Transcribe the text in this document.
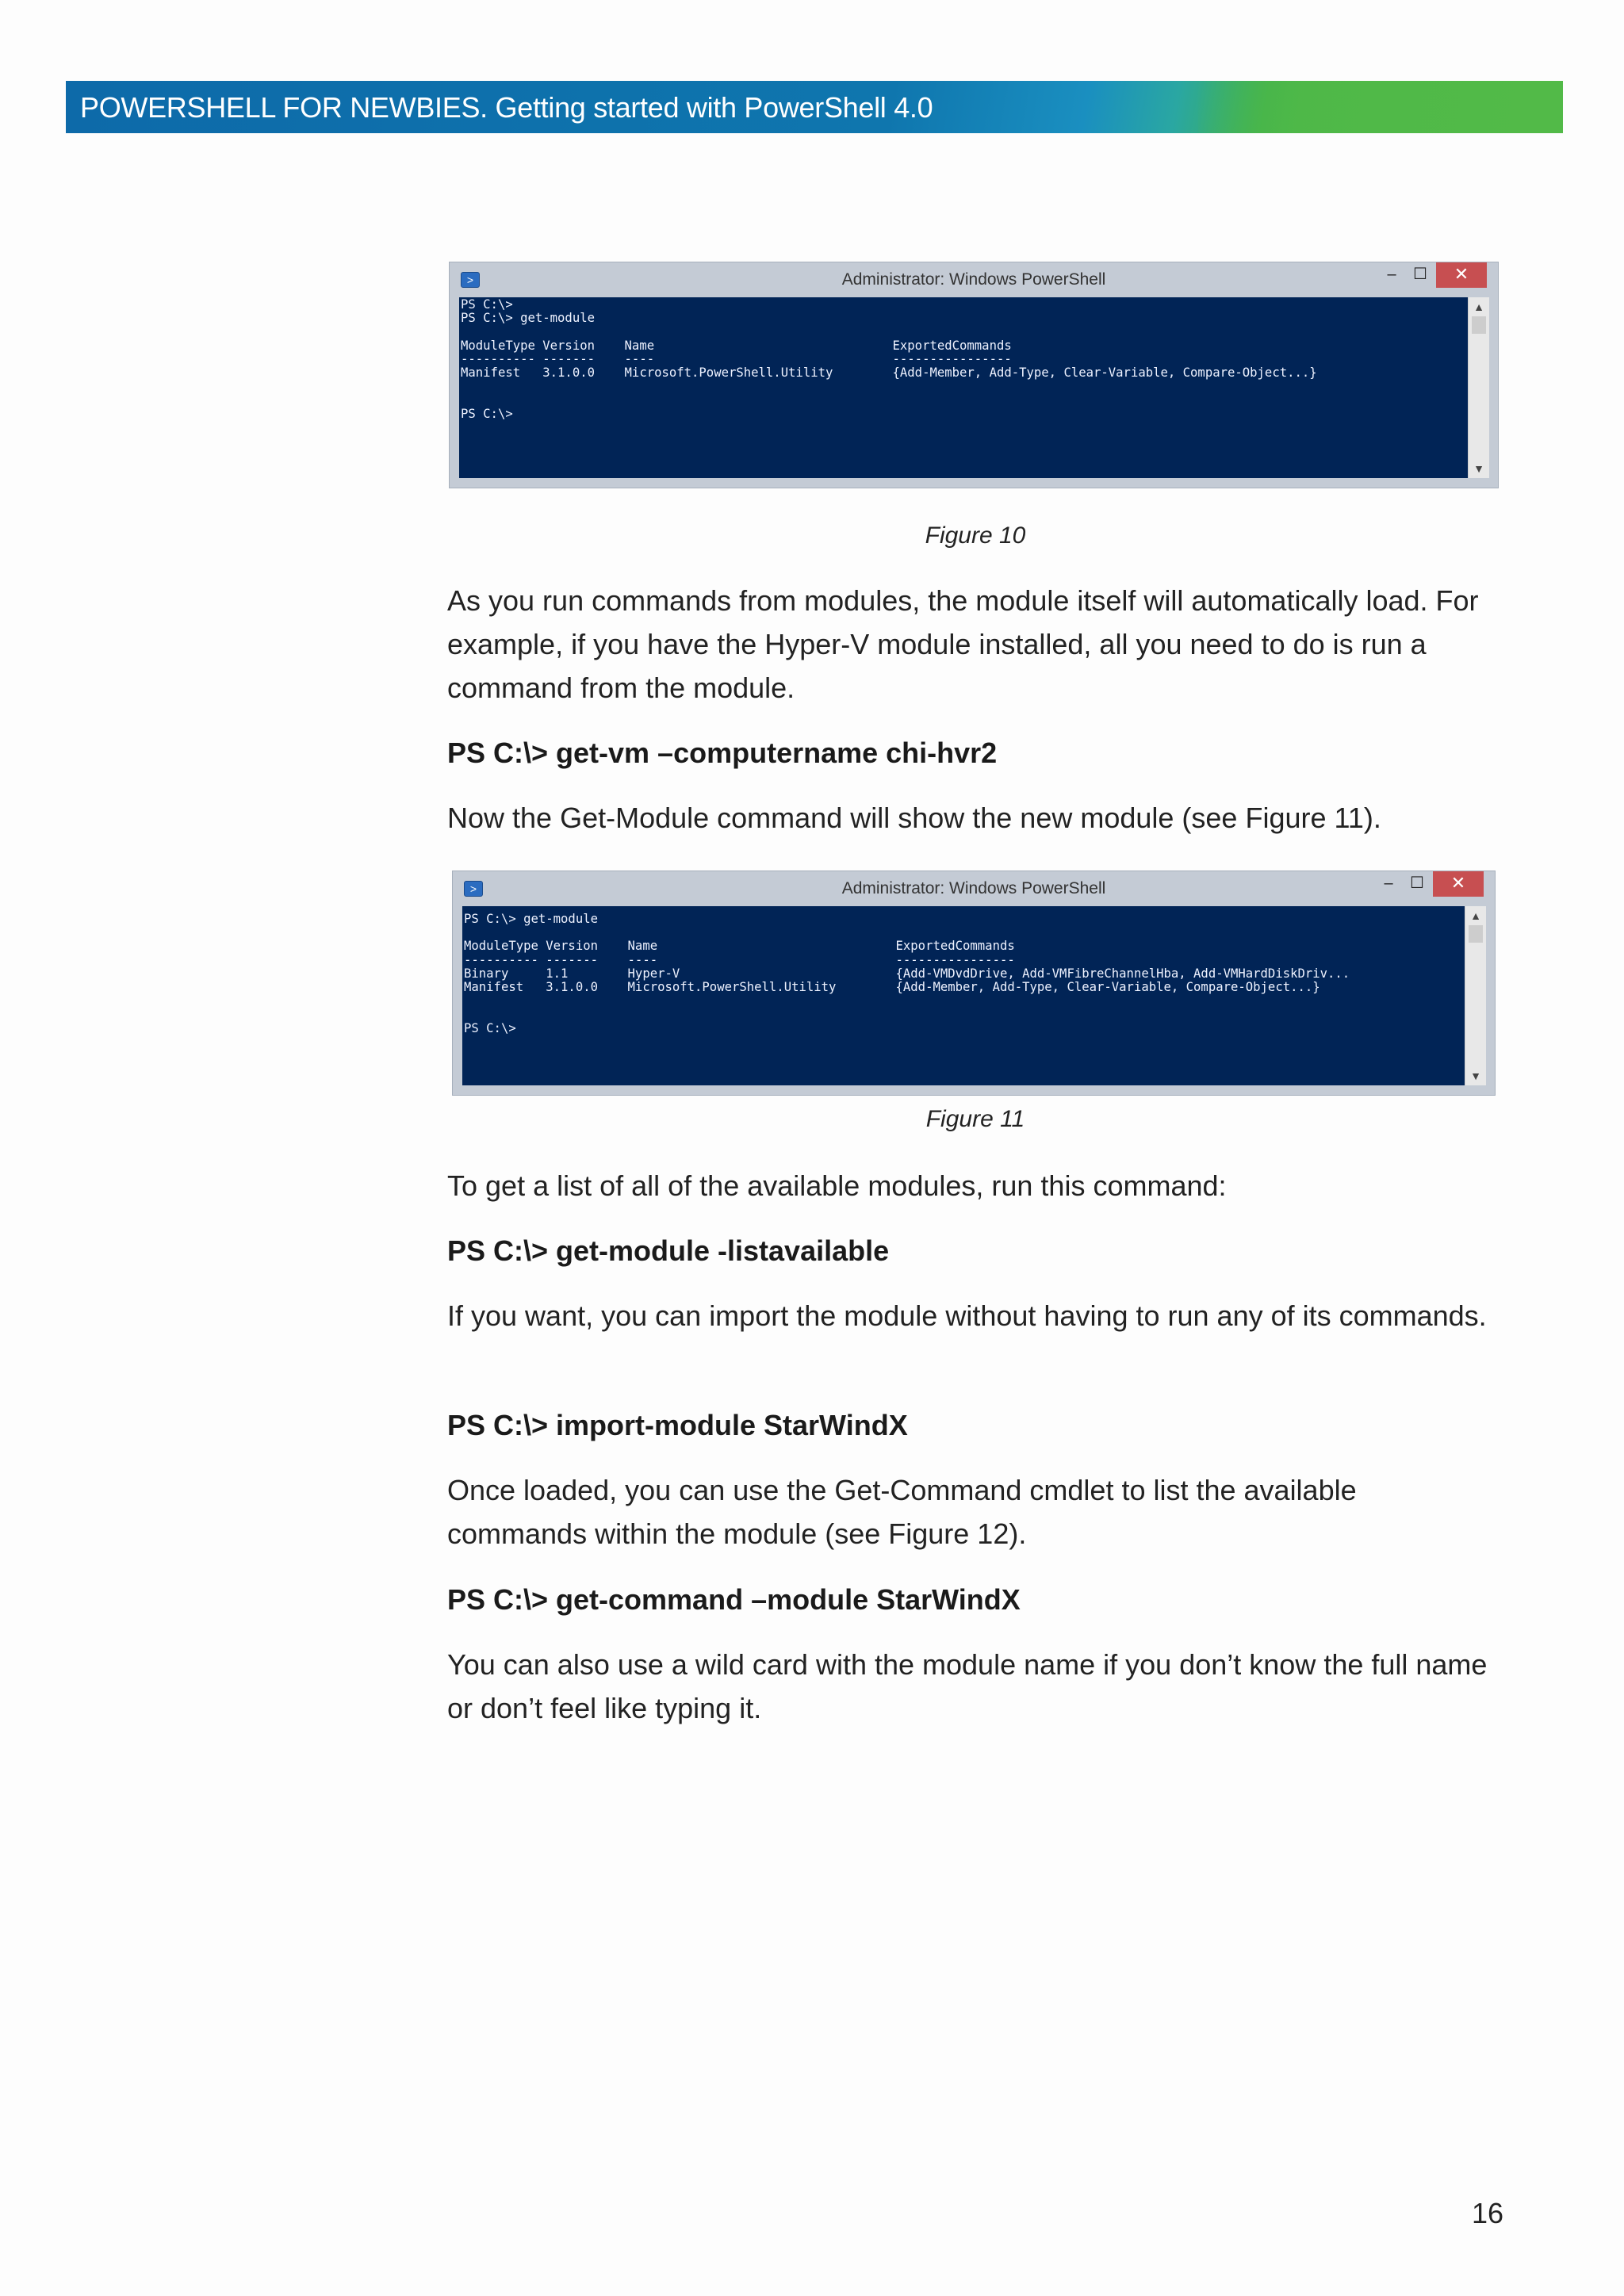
POWERSHELL FOR NEWBIES. Getting started with PowerShell 4.0
>	Administrator: Windows PowerShell	–	☐	✕
PS C:\>
PS C:\> get-module

ModuleType Version    Name                                ExportedCommands
---------- -------    ----                                ----------------
Manifest   3.1.0.0    Microsoft.PowerShell.Utility        {Add-Member, Add-Type, Clear-Variable, Compare-Object...}

PS C:\>
▲
▼
Figure 10

As you run commands from modules, the module itself will automatically load. For example, if you have the Hyper-V module installed, all you need to do is run a command from the module.

PS C:\> get-vm –computername chi-hvr2

Now the Get-Module command will show the new module (see Figure 11).

>	Administrator: Windows PowerShell	–	☐	✕
PS C:\> get-module

ModuleType Version    Name                                ExportedCommands
---------- -------    ----                                ----------------
Binary     1.1        Hyper-V                             {Add-VMDvdDrive, Add-VMFibreChannelHba, Add-VMHardDiskDriv...
Manifest   3.1.0.0    Microsoft.PowerShell.Utility        {Add-Member, Add-Type, Clear-Variable, Compare-Object...}

PS C:\>
▲
▼
Figure 11

To get a list of all of the available modules, run this command:

PS C:\> get-module -listavailable

If you want, you can import the module without having to run any of its commands.

PS C:\> import-module StarWindX

Once loaded, you can use the Get-Command cmdlet to list the available commands within the module (see Figure 12).

PS C:\> get-command –module StarWindX

You can also use a wild card with the module name if you don’t know the full name or don’t feel like typing it.

16
